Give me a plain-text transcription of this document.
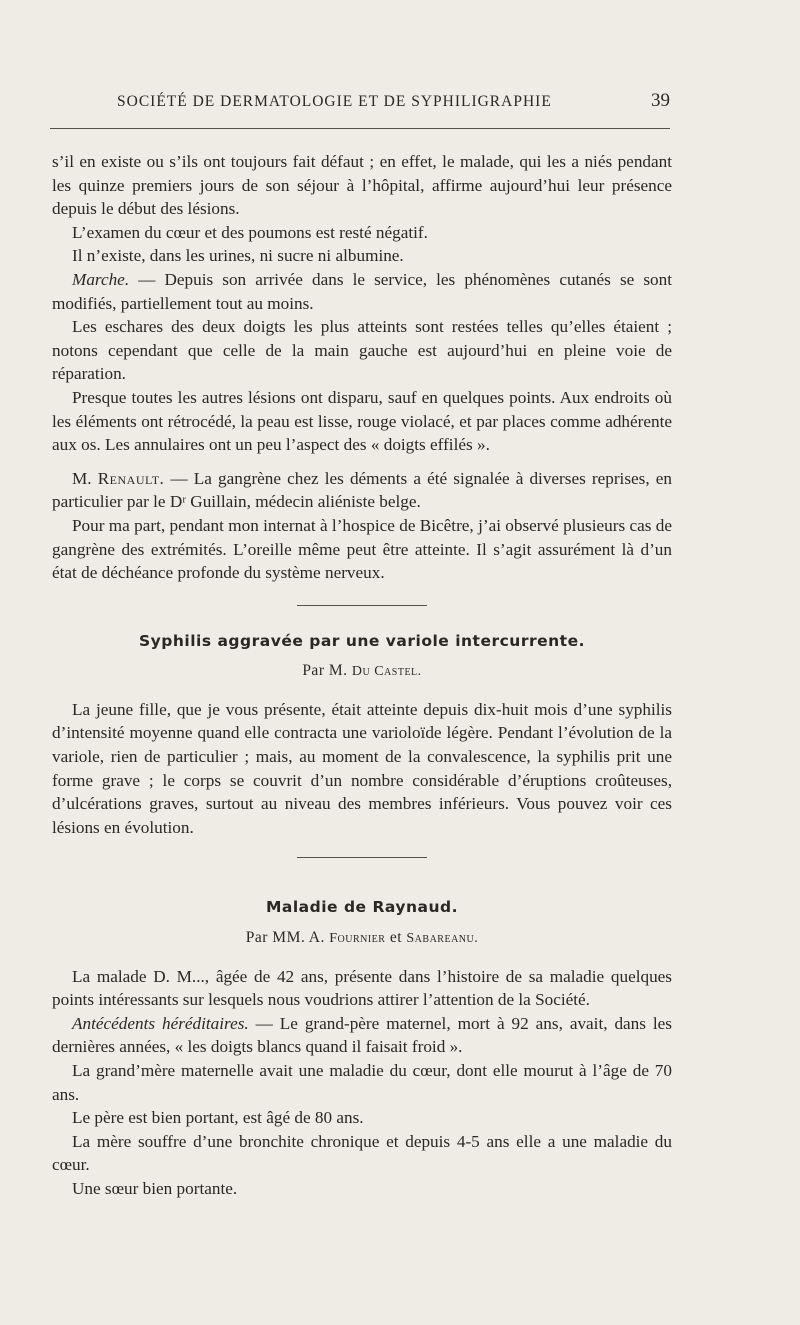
SOCIÉTÉ DE DERMATOLOGIE ET DE SYPHILIGRAPHIE	39

s’il en existe ou s’ils ont toujours fait défaut ; en effet, le malade, qui les a niés pendant les quinze premiers jours de son séjour à l’hôpital, affirme aujourd’hui leur présence depuis le début des lésions.

L’examen du cœur et des poumons est resté négatif.

Il n’existe, dans les urines, ni sucre ni albumine.

Marche. — Depuis son arrivée dans le service, les phénomènes cutanés se sont modifiés, partiellement tout au moins.

Les eschares des deux doigts les plus atteints sont restées telles qu’elles étaient ; notons cependant que celle de la main gauche est aujourd’hui en pleine voie de réparation.

Presque toutes les autres lésions ont disparu, sauf en quelques points. Aux endroits où les éléments ont rétrocédé, la peau est lisse, rouge violacé, et par places comme adhérente aux os. Les annulaires ont un peu l’aspect des « doigts effilés ».

M. Renault. — La gangrène chez les déments a été signalée à diverses reprises, en particulier par le Dʳ Guillain, médecin aliéniste belge.

Pour ma part, pendant mon internat à l’hospice de Bicêtre, j’ai observé plusieurs cas de gangrène des extrémités. L’oreille même peut être atteinte. Il s’agit assurément là d’un état de déchéance profonde du système nerveux.

Syphilis aggravée par une variole intercurrente.
Par M. Du Castel.

La jeune fille, que je vous présente, était atteinte depuis dix-huit mois d’une syphilis d’intensité moyenne quand elle contracta une varioloïde légère. Pendant l’évolution de la variole, rien de particulier ; mais, au moment de la convalescence, la syphilis prit une forme grave ; le corps se couvrit d’un nombre considérable d’éruptions croûteuses, d’ulcérations graves, surtout au niveau des membres inférieurs. Vous pouvez voir ces lésions en évolution.

Maladie de Raynaud.
Par MM. A. Fournier et Sabareanu.

La malade D. M..., âgée de 42 ans, présente dans l’histoire de sa maladie quelques points intéressants sur lesquels nous voudrions attirer l’attention de la Société.

Antécédents héréditaires. — Le grand-père maternel, mort à 92 ans, avait, dans les dernières années, « les doigts blancs quand il faisait froid ».

La grand’mère maternelle avait une maladie du cœur, dont elle mourut à l’âge de 70 ans.

Le père est bien portant, est âgé de 80 ans.

La mère souffre d’une bronchite chronique et depuis 4-5 ans elle a une maladie du cœur.

Une sœur bien portante.
